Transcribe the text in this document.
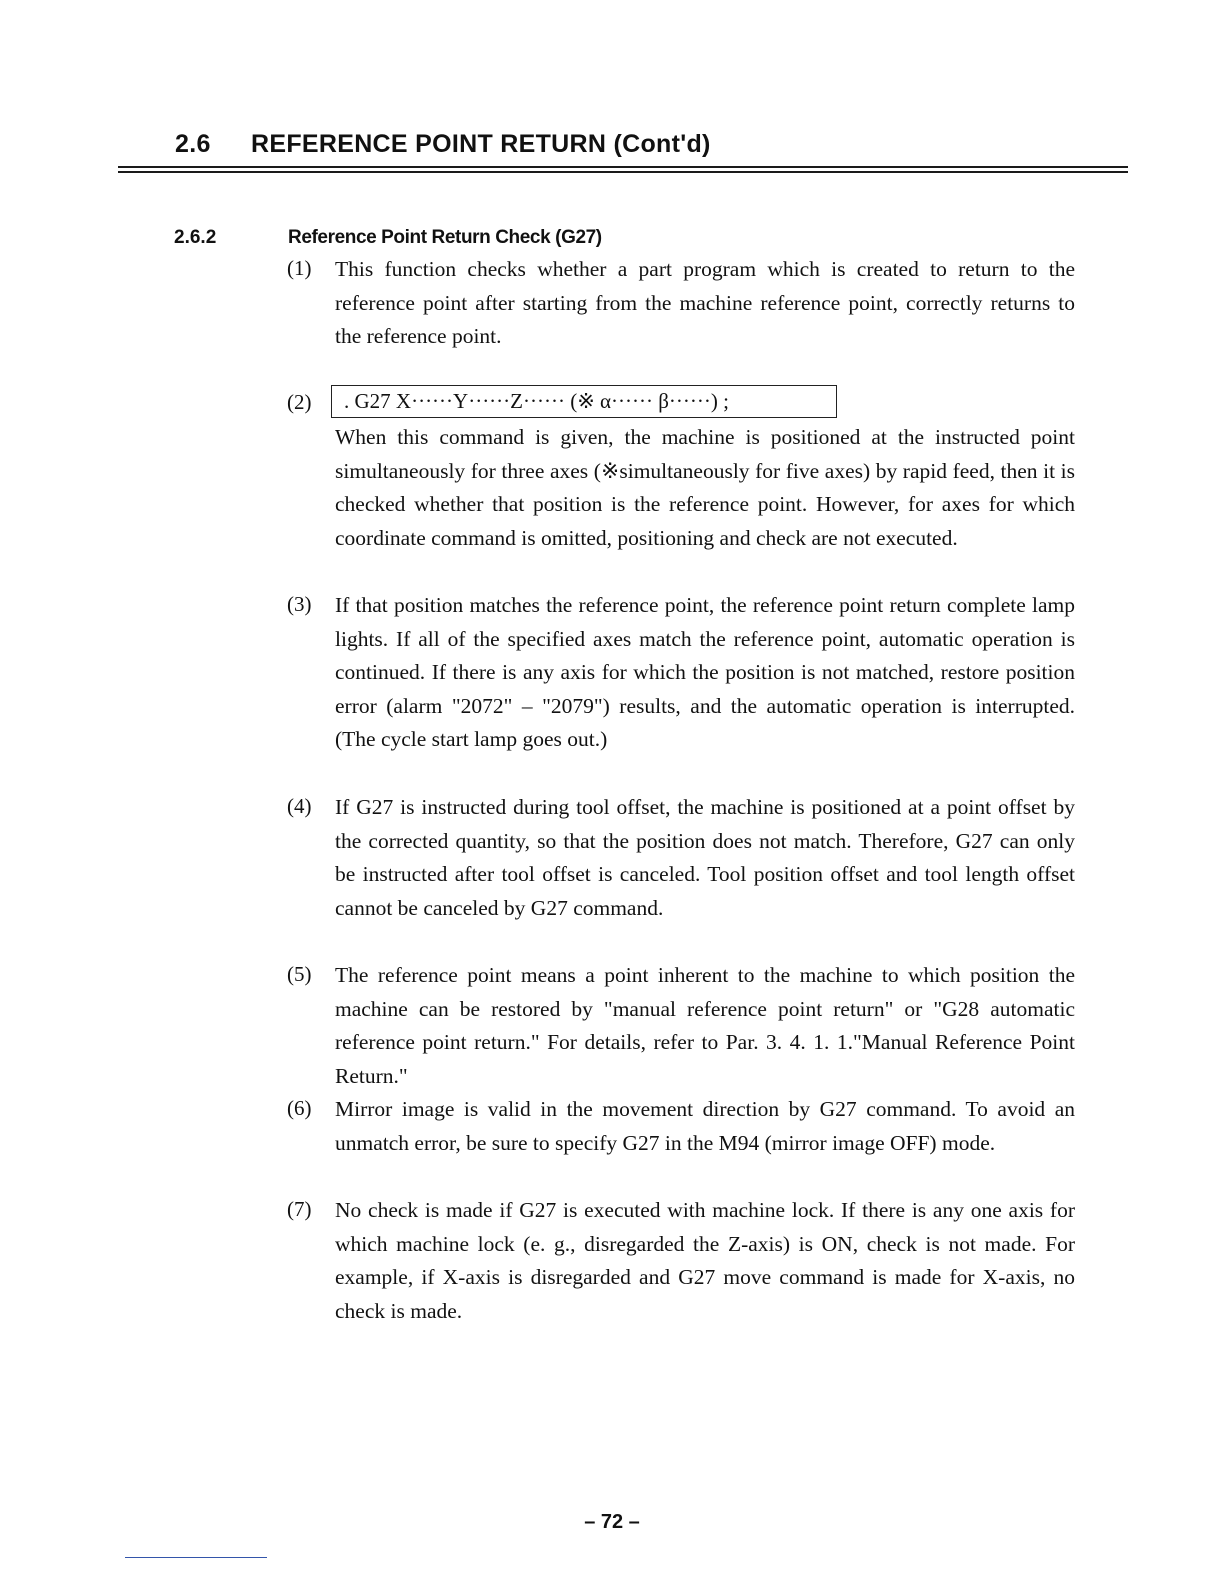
2.6 REFERENCE POINT RETURN (Cont'd)
2.6.2	Reference Point Return Check (G27)
(1) This function checks whether a part program which is created to return to the reference point after starting from the machine reference point, correctly returns to the reference point.
(2)	. G27 X······Y······Z······ (※ α······ β······) ;
When this command is given, the machine is positioned at the instructed point simultaneously for three axes (※simultaneously for five axes) by rapid feed, then it is checked whether that position is the reference point. However, for axes for which coordinate command is omitted, positioning and check are not executed.
(3) If that position matches the reference point, the reference point return complete lamp lights. If all of the specified axes match the reference point, automatic operation is continued. If there is any axis for which the position is not matched, restore position error (alarm "2072" – "2079") results, and the automatic operation is interrupted. (The cycle start lamp goes out.)
(4) If G27 is instructed during tool offset, the machine is positioned at a point offset by the corrected quantity, so that the position does not match. Therefore, G27 can only be instructed after tool offset is canceled. Tool position offset and tool length offset cannot be canceled by G27 command.
(5) The reference point means a point inherent to the machine to which position the machine can be restored by "manual reference point return" or "G28 automatic reference point return." For details, refer to Par. 3. 4. 1. 1."Manual Reference Point Return."
(6) Mirror image is valid in the movement direction by G27 command. To avoid an unmatch error, be sure to specify G27 in the M94 (mirror image OFF) mode.
(7) No check is made if G27 is executed with machine lock. If there is any one axis for which machine lock (e. g., disregarded the Z-axis) is ON, check is not made. For example, if X-axis is disregarded and G27 move command is made for X-axis, no check is made.
– 72 –
